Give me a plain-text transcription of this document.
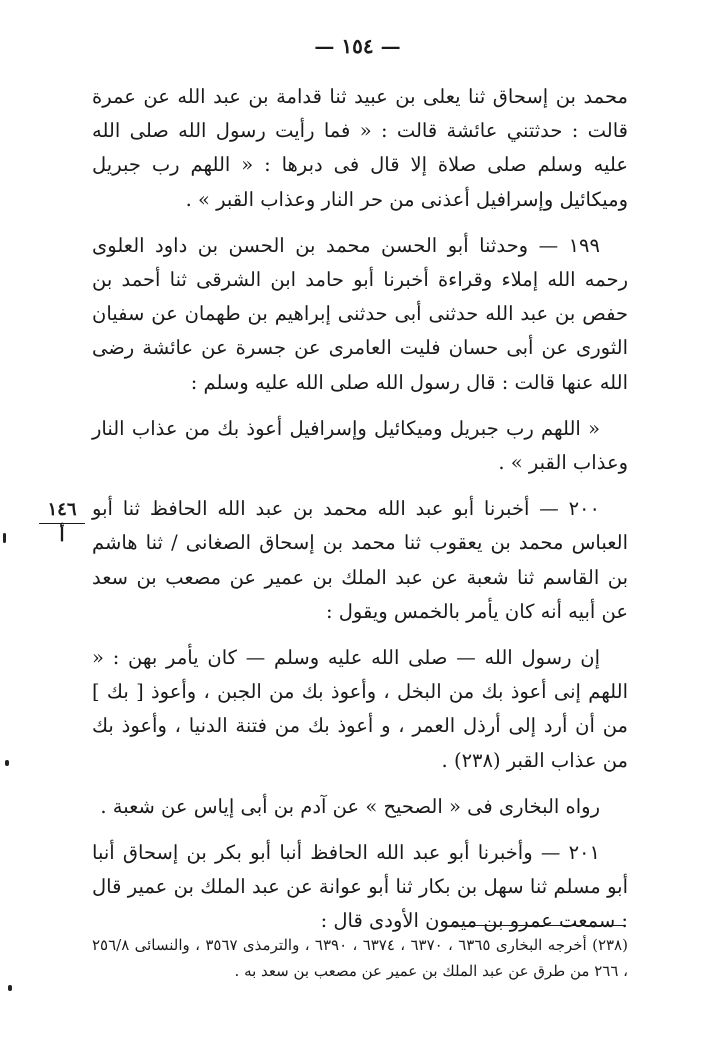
— ١٥٤ —
١٤٦
أ

محمد بن إسحاق ثنا يعلى بن عبيد ثنا قدامة بن عبد الله عن عمرة قالت : حدثتني عائشة قالت : « فما رأيت رسول الله صلى الله عليه وسلم صلى صلاة إلا قال فى دبرها : « اللهم رب جبريل وميكائيل وإسرافيل أعذنى من حر النار وعذاب القبر » .

١٩٩ — وحدثنا أبو الحسن محمد بن الحسن بن داود العلوى رحمه الله إملاء وقراءة أخبرنا أبو حامد ابن الشرقى ثنا أحمد بن حفص بن عبد الله حدثنى أبى حدثنى إبراهيم بن طهمان عن سفيان الثورى عن أبى حسان فليت العامرى عن جسرة عن عائشة رضى الله عنها قالت : قال رسول الله صلى الله عليه وسلم :

« اللهم رب جبريل وميكائيل وإسرافيل أعوذ بك من عذاب النار وعذاب القبر » .

٢٠٠ — أخبرنا أبو عبد الله محمد بن عبد الله الحافظ ثنا أبو العباس محمد بن يعقوب ثنا محمد بن إسحاق الصغانى / ثنا هاشم بن القاسم ثنا شعبة عن عبد الملك بن عمير عن مصعب بن سعد عن أبيه أنه كان يأمر بالخمس ويقول :

إن رسول الله — صلى الله عليه وسلم — كان يأمر بهن : « اللهم إنى أعوذ بك من البخل ، وأعوذ بك من الجبن ، وأعوذ [ بك ] من أن أرد إلى أرذل العمر ، و أعوذ بك من فتنة الدنيا ، وأعوذ بك من عذاب القبر (٢٣٨) .

رواه البخارى فى « الصحيح » عن آدم بن أبى إياس عن شعبة .

٢٠١ — وأخبرنا أبو عبد الله الحافظ أنبا أبو بكر بن إسحاق أنبا أبو مسلم ثنا سهل بن بكار ثنا أبو عوانة عن عبد الملك بن عمير قال : سمعت عمرو بن ميمون الأودى قال :

(٢٣٨) أخرجه البخارى ٦٣٦٥ ، ٦٣٧٠ ، ٦٣٧٤ ، ٦٣٩٠ ، والترمذى ٣٥٦٧ ، والنسائى ٢٥٦/٨ ، ٢٦٦ من طرق عن عبد الملك بن عمير عن مصعب بن سعد به .
